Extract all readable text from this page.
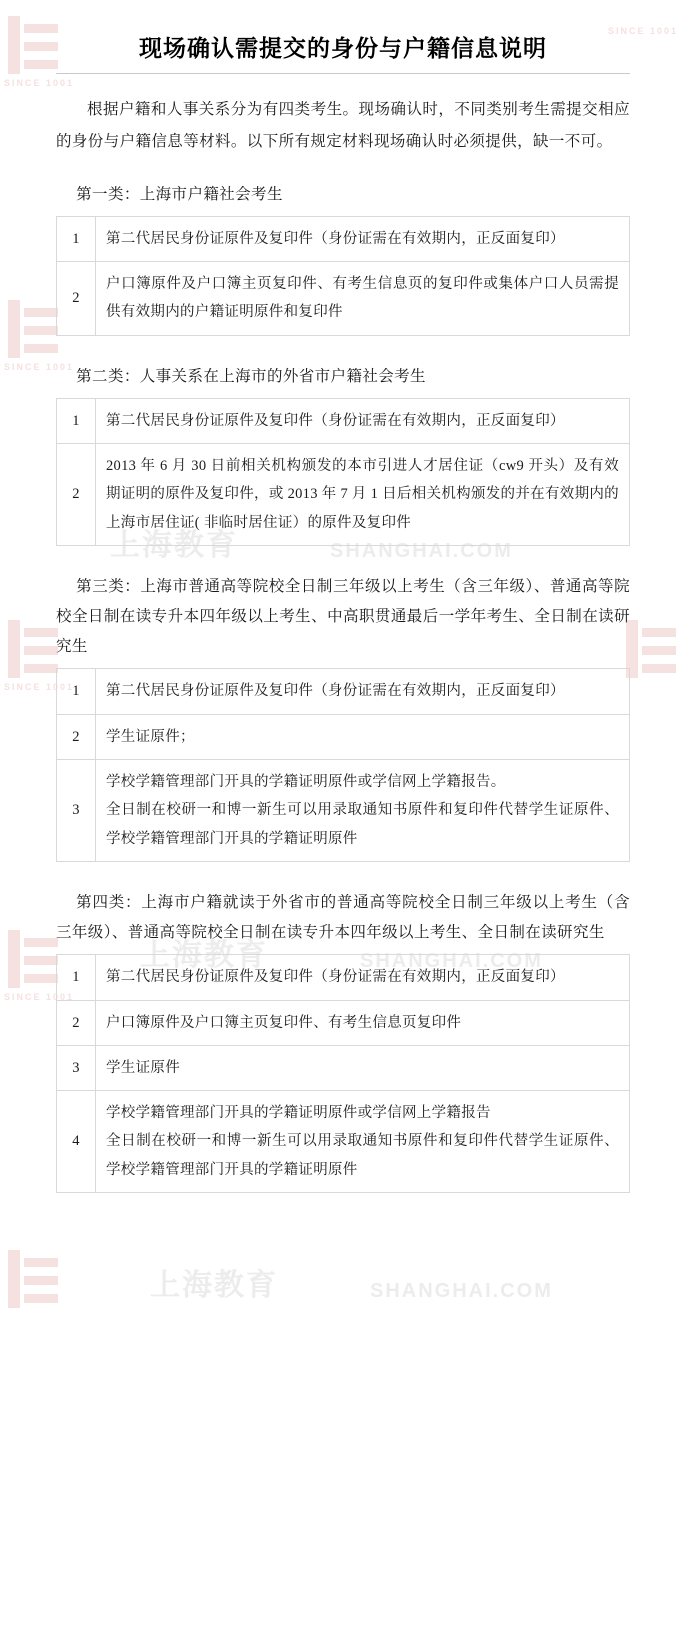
SINCE 1001
SINCE 1001
SINCE 1001
SINCE 1001
SINCE 1001
上海教育	SHANGHAI.COM
上海教育	SHANGHAI.COM
上海教育	SHANGHAI.COM
现场确认需提交的身份与户籍信息说明

根据户籍和人事关系分为有四类考生。现场确认时，不同类别考生需提交相应的身份与户籍信息等材料。以下所有规定材料现场确认时必须提供，缺一不可。

第一类：上海市户籍社会考生

1	第二代居民身份证原件及复印件（身份证需在有效期内，正反面复印）

2	户口簿原件及户口簿主页复印件、有考生信息页的复印件或集体户口人员需提供有效期内的户籍证明原件和复印件

第二类：人事关系在上海市的外省市户籍社会考生

1	第二代居民身份证原件及复印件（身份证需在有效期内，正反面复印）

2	2013 年 6 月 30 日前相关机构颁发的本市引进人才居住证（cw9 开头）及有效期证明的原件及复印件，或 2013 年 7 月 1 日后相关机构颁发的并在有效期内的上海市居住证( 非临时居住证）的原件及复印件

第三类：上海市普通高等院校全日制三年级以上考生（含三年级）、普通高等院校全日制在读专升本四年级以上考生、中高职贯通最后一学年考生、全日制在读研究生

1	第二代居民身份证原件及复印件（身份证需在有效期内，正反面复印）

2	学生证原件；

3	学校学籍管理部门开具的学籍证明原件或学信网上学籍报告。

全日制在校研一和博一新生可以用录取通知书原件和复印件代替学生证原件、学校学籍管理部门开具的学籍证明原件

第四类：上海市户籍就读于外省市的普通高等院校全日制三年级以上考生（含三年级）、普通高等院校全日制在读专升本四年级以上考生、全日制在读研究生

1	第二代居民身份证原件及复印件（身份证需在有效期内，正反面复印）

2	户口簿原件及户口簿主页复印件、有考生信息页复印件

3	学生证原件

4	学校学籍管理部门开具的学籍证明原件或学信网上学籍报告

全日制在校研一和博一新生可以用录取通知书原件和复印件代替学生证原件、学校学籍管理部门开具的学籍证明原件
